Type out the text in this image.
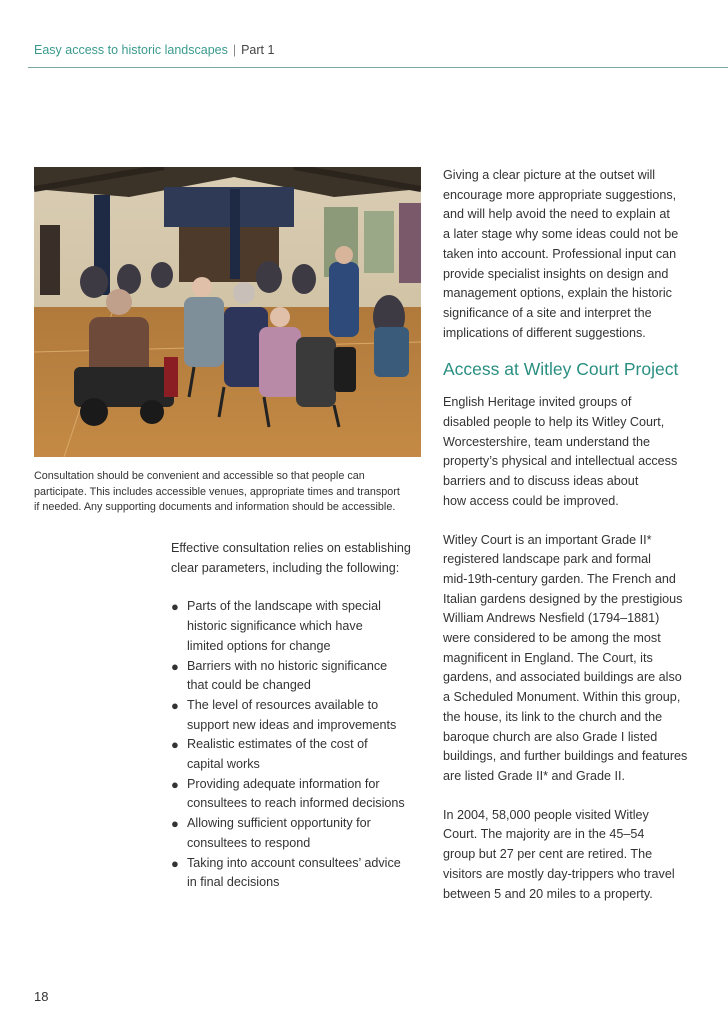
Easy access to historic landscapes | Part 1

Consultation should be convenient and accessible so that people can

participate. This includes accessible venues, appropriate times and transport

if needed. Any supporting documents and information should be accessible.

Effective consultation relies on establishing

clear parameters, including the following:

● Parts of the landscape with special
historic significance which have
limited options for change
● Barriers with no historic significance
that could be changed
● The level of resources available to
support new ideas and improvements
● Realistic estimates of the cost of
capital works
● Providing adequate information for
consultees to reach informed decisions
● Allowing sufficient opportunity for
consultees to respond
● Taking into account consultees’ advice
in final decisions

Giving a clear picture at the outset will

encourage more appropriate suggestions,

and will help avoid the need to explain at

a later stage why some ideas could not be

taken into account. Professional input can

provide specialist insights on design and

management options, explain the historic

significance of a site and interpret the

implications of different suggestions.

Access at Witley Court Project

English Heritage invited groups of

disabled people to help its Witley Court,

Worcestershire, team understand the

property’s physical and intellectual access

barriers and to discuss ideas about

how access could be improved.

Witley Court is an important Grade II*

registered landscape park and formal

mid-19th-century garden. The French and

Italian gardens designed by the prestigious

William Andrews Nesfield (1794–1881)

were considered to be among the most

magnificent in England. The Court, its

gardens, and associated buildings are also

a Scheduled Monument. Within this group,

the house, its link to the church and the

baroque church are also Grade I listed

buildings, and further buildings and features

are listed Grade II* and Grade II.

In 2004, 58,000 people visited Witley

Court. The majority are in the 45–54

group but 27 per cent are retired. The

visitors are mostly day-trippers who travel

between 5 and 20 miles to a property.

18
